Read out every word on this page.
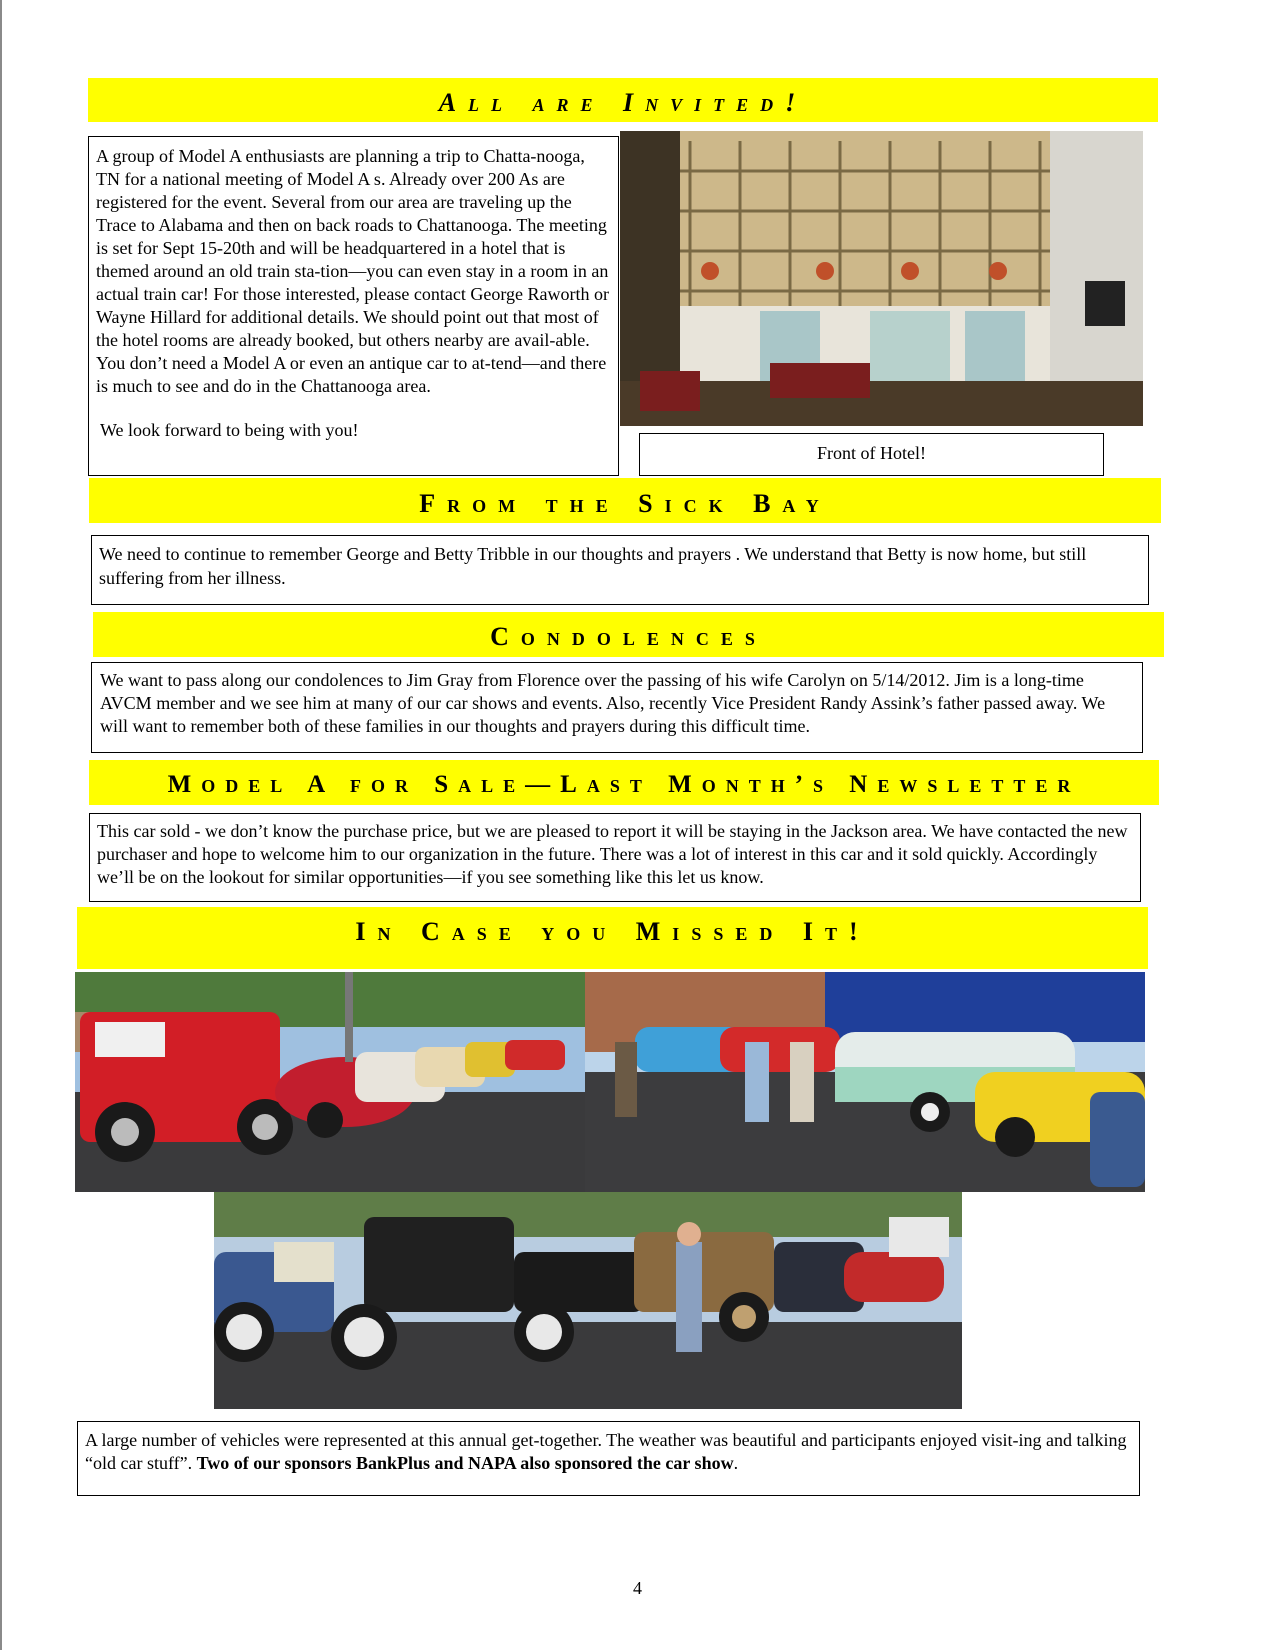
All are Invited!
A group of Model A enthusiasts are planning a trip to Chatta-nooga, TN for a national meeting of Model A s. Already over 200 As are registered for the event. Several from our area are traveling up the Trace to Alabama and then on back roads to Chattanooga. The meeting is set for Sept 15-20th and will be headquartered in a hotel that is themed around an old train sta-tion—you can even stay in a room in an actual train car! For those interested, please contact George Raworth or Wayne Hillard for additional details. We should point out that most of the hotel rooms are already booked, but others nearby are avail-able. You don’t need a Model A or even an antique car to at-tend—and there is much to see and do in the Chattanooga area.
We look forward to being with you!
Front of Hotel!
From the Sick Bay
We need to continue to remember George and Betty Tribble in our thoughts and prayers . We understand that Betty is now home, but still suffering from her illness.
Condolences
We want to pass along our condolences to Jim Gray from Florence over the passing of his wife Carolyn on 5/14/2012. Jim is a long-time AVCM member and we see him at many of our car shows and events. Also, recently Vice President Randy Assink’s father passed away. We will want to remember both of these families in our thoughts and prayers during this difficult time.
Model A for Sale—Last Month’s Newsletter
This car sold - we don’t know the purchase price, but we are pleased to report it will be staying in the Jackson area. We have contacted the new purchaser and hope to welcome him to our organization in the future. There was a lot of interest in this car and it sold quickly. Accordingly we’ll be on the lookout for similar opportunities—if you see something like this let us know.
In Case you Missed It!
A large number of vehicles were represented at this annual get-together. The weather was beautiful and participants enjoyed visit-ing and talking “old car stuff”. Two of our sponsors BankPlus and NAPA also sponsored the car show.
4
